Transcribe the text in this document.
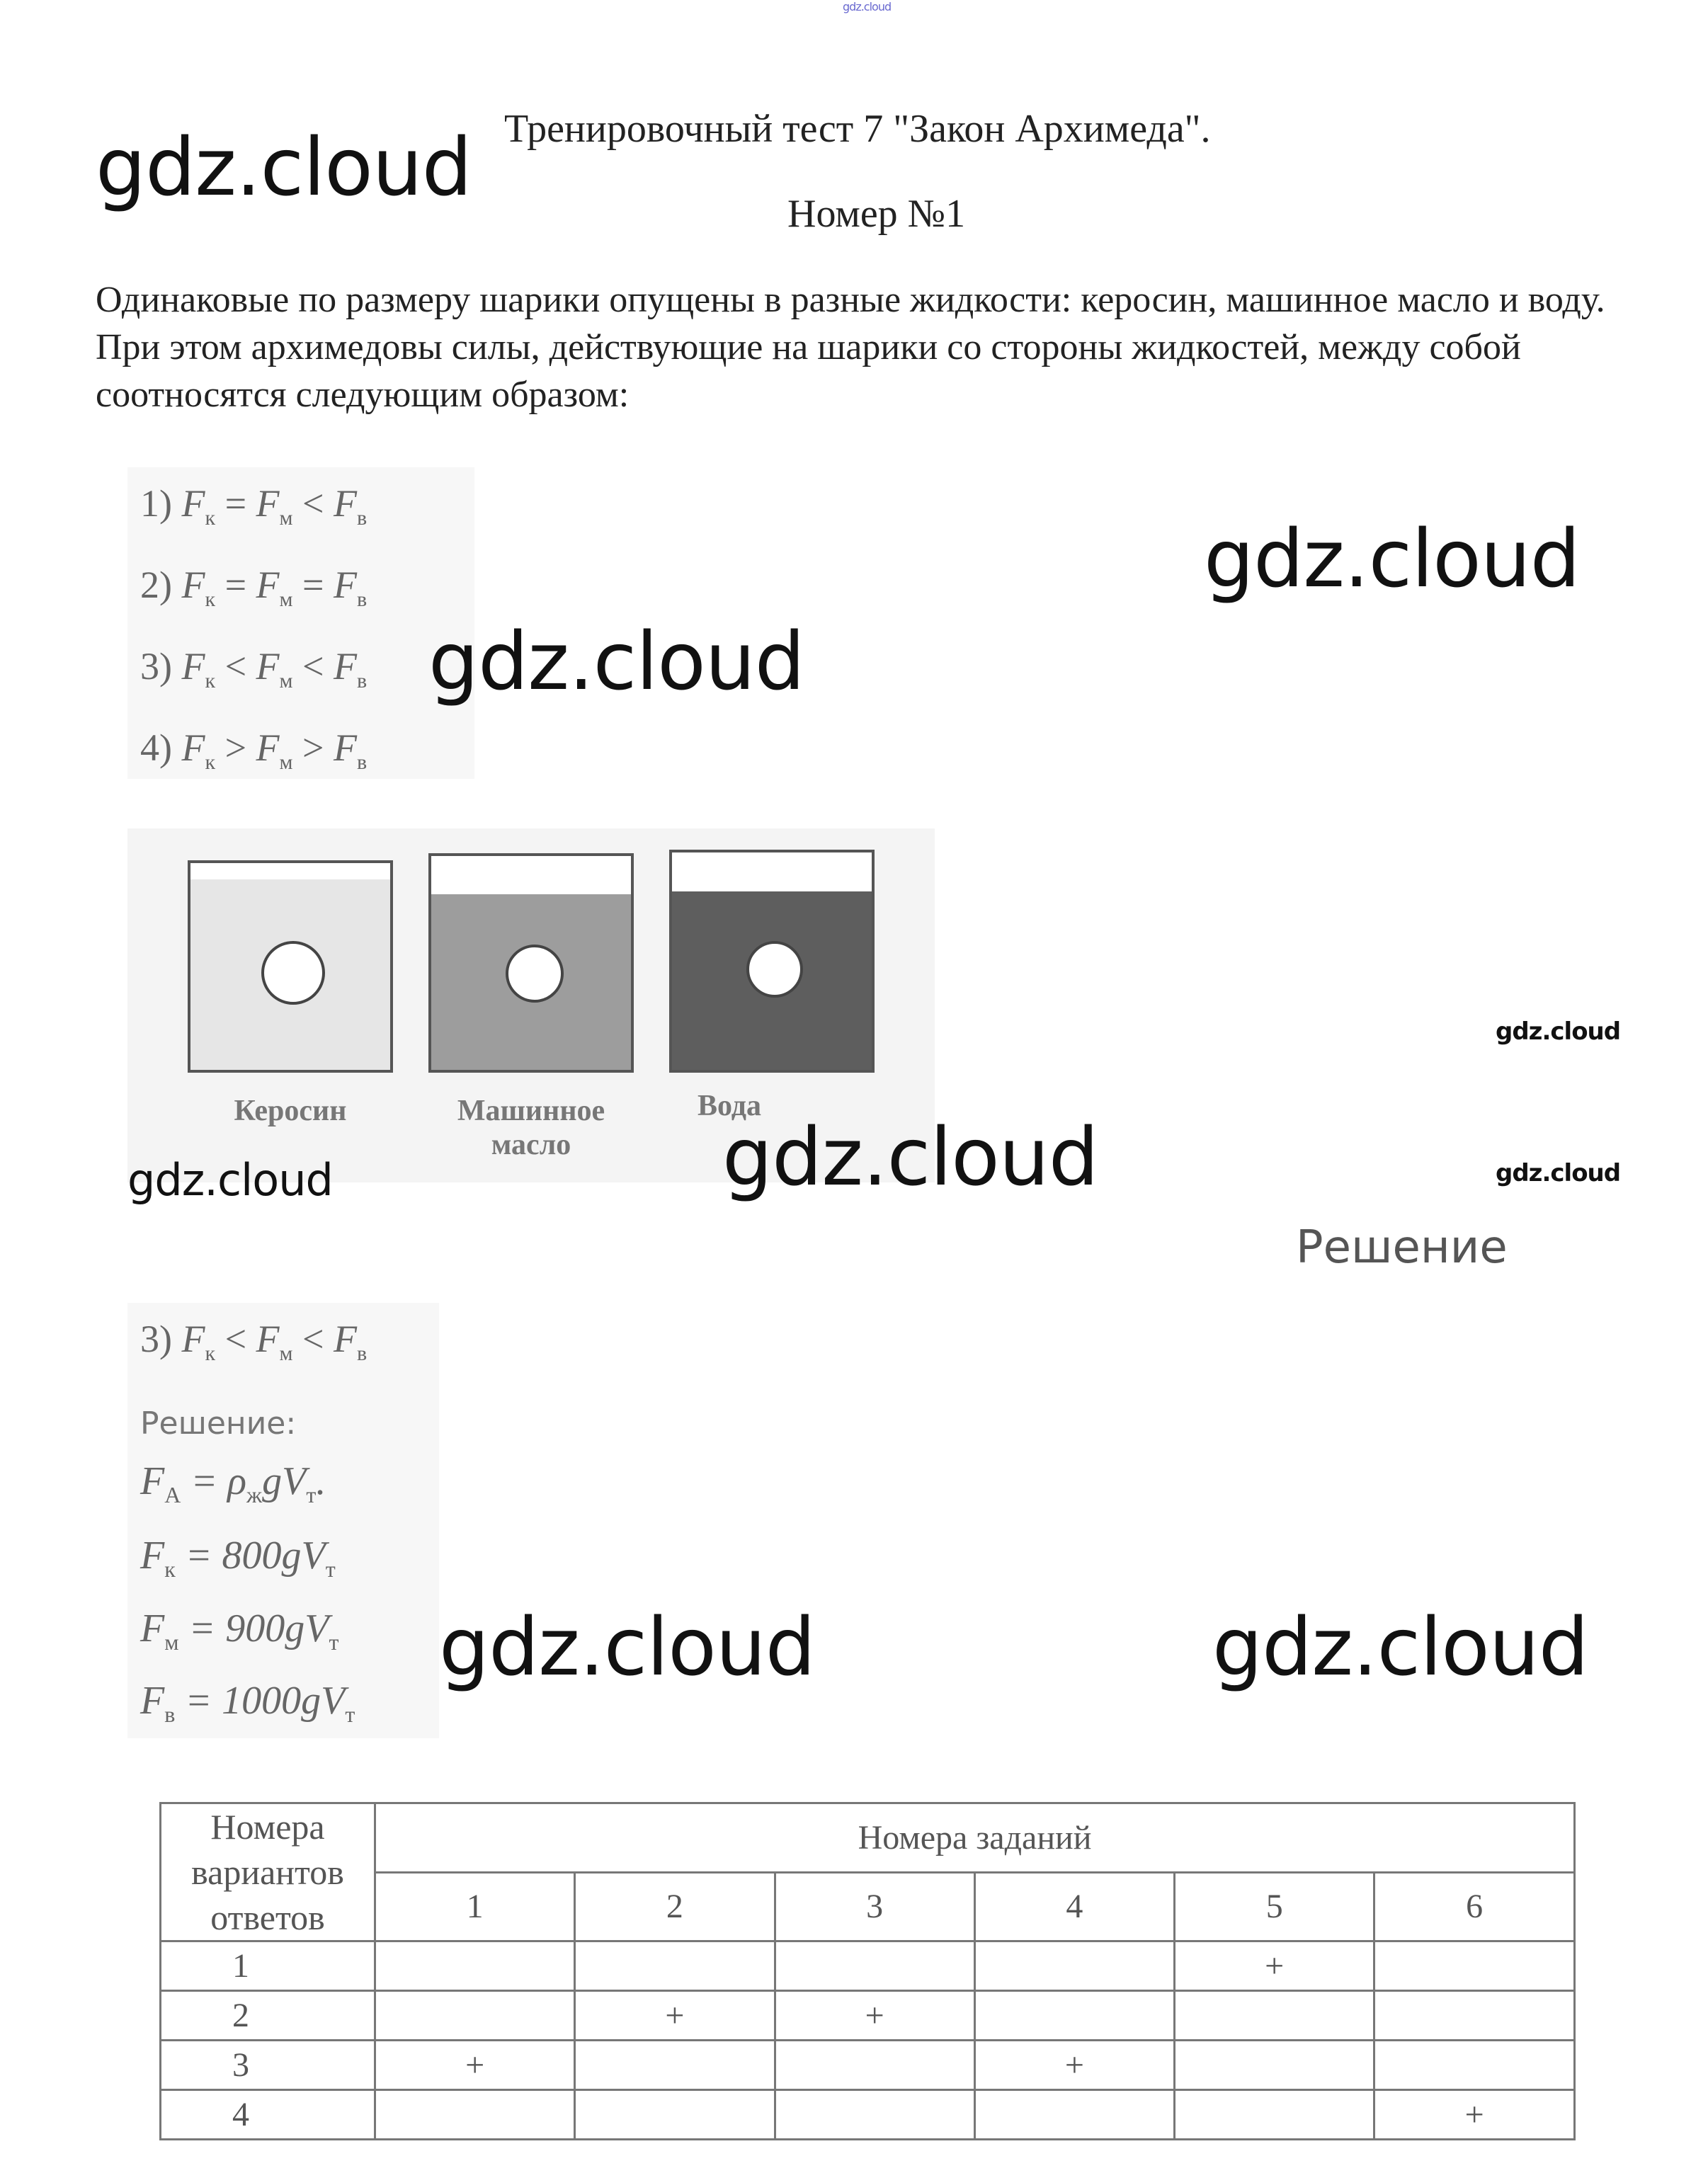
gdz.cloud
gdz.cloud Тренировочный тест 7 "Закон Архимеда".
Номер №1
Одинаковые по размеру шарики опущены в разные жидкости: керосин, машинное масло и воду. При этом архимедовы силы, действующие на шарики со стороны жидкостей, между собой соотносятся следующим образом:
1) $F_к = F_м < F_в$
2) $F_к = F_м = F_в$
3) $F_к < F_м < F_в$
4) $F_к > F_м > F_в$
gdz.cloud
gdz.cloud
Керосин	Машинное масло
Вода
gdz.cloud
gdz.cloud	gdz.cloud	gdz.cloud
Решение
3) $F_к < F_м < F_в$
Решение:
$F_А = \rho_жgV_т$.
$F_к = 800gV_т$
$F_м = 900gV_т$
$F_в = 1000gV_т$
gdz.cloud	gdz.cloud
Номера вариантов ответов	Номера заданий					
	1	2	3	4	5	6
1					+	
2		+	+			
3	+			+		
4						+
